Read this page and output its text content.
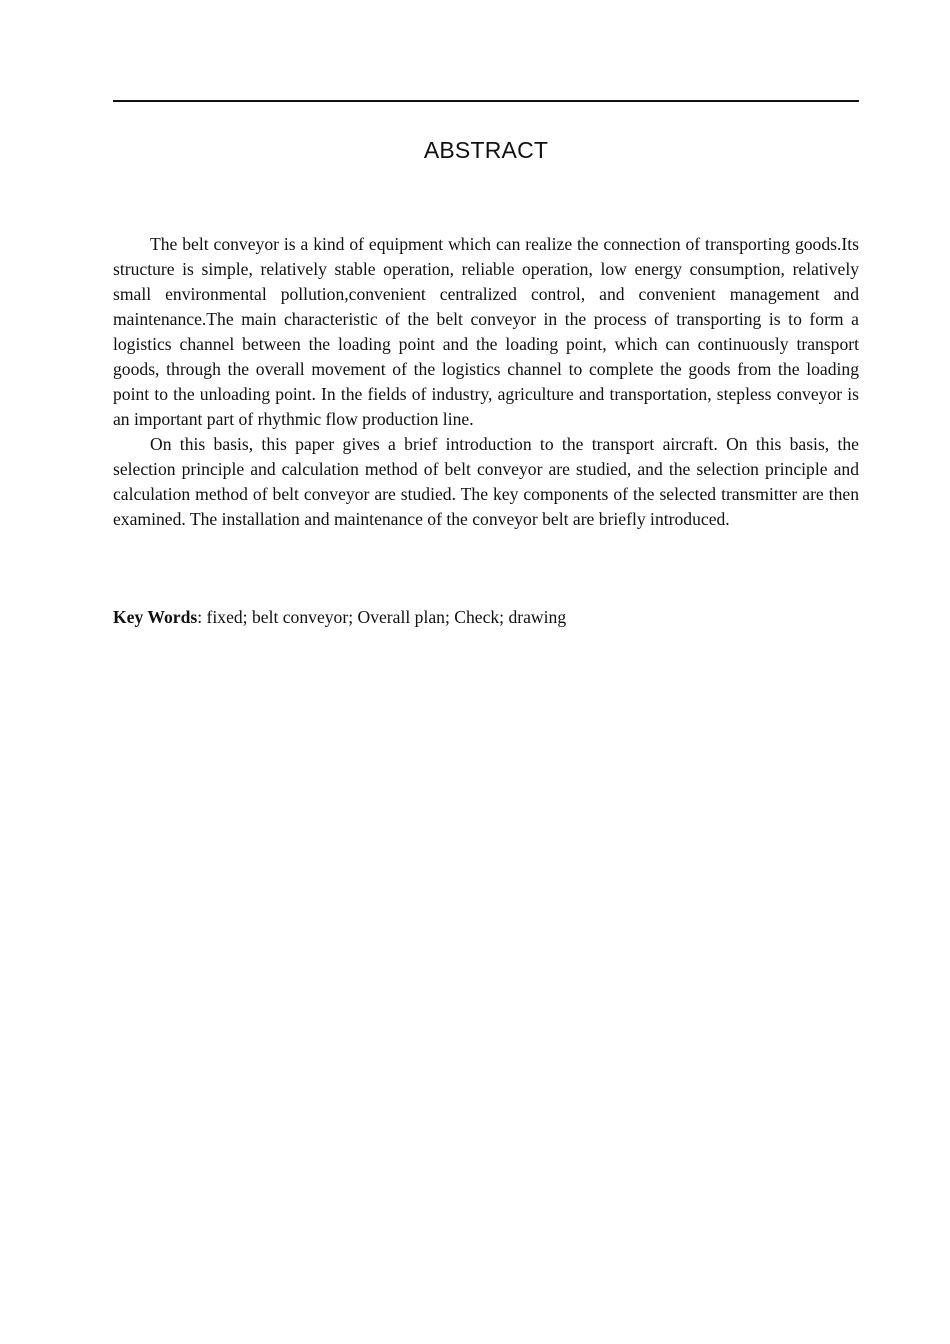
ABSTRACT

The belt conveyor is a kind of equipment which can realize the connection of transporting goods.Its structure is simple, relatively stable operation, reliable operation, low energy consumption, relatively small environmental pollution,convenient centralized control, and convenient management and maintenance.The main characteristic of the belt conveyor in the process of transporting is to form a logistics channel between the loading point and the loading point, which can continuously transport goods, through the overall movement of the logistics channel to complete the goods from the loading point to the unloading point. In the fields of industry, agriculture and transportation, stepless conveyor is an important part of rhythmic flow production line.

On this basis, this paper gives a brief introduction to the transport aircraft. On this basis, the selection principle and calculation method of belt conveyor are studied, and the selection principle and calculation method of belt conveyor are studied. The key components of the selected transmitter are then examined. The installation and maintenance of the conveyor belt are briefly introduced.

Key Words: fixed; belt conveyor; Overall plan; Check; drawing
